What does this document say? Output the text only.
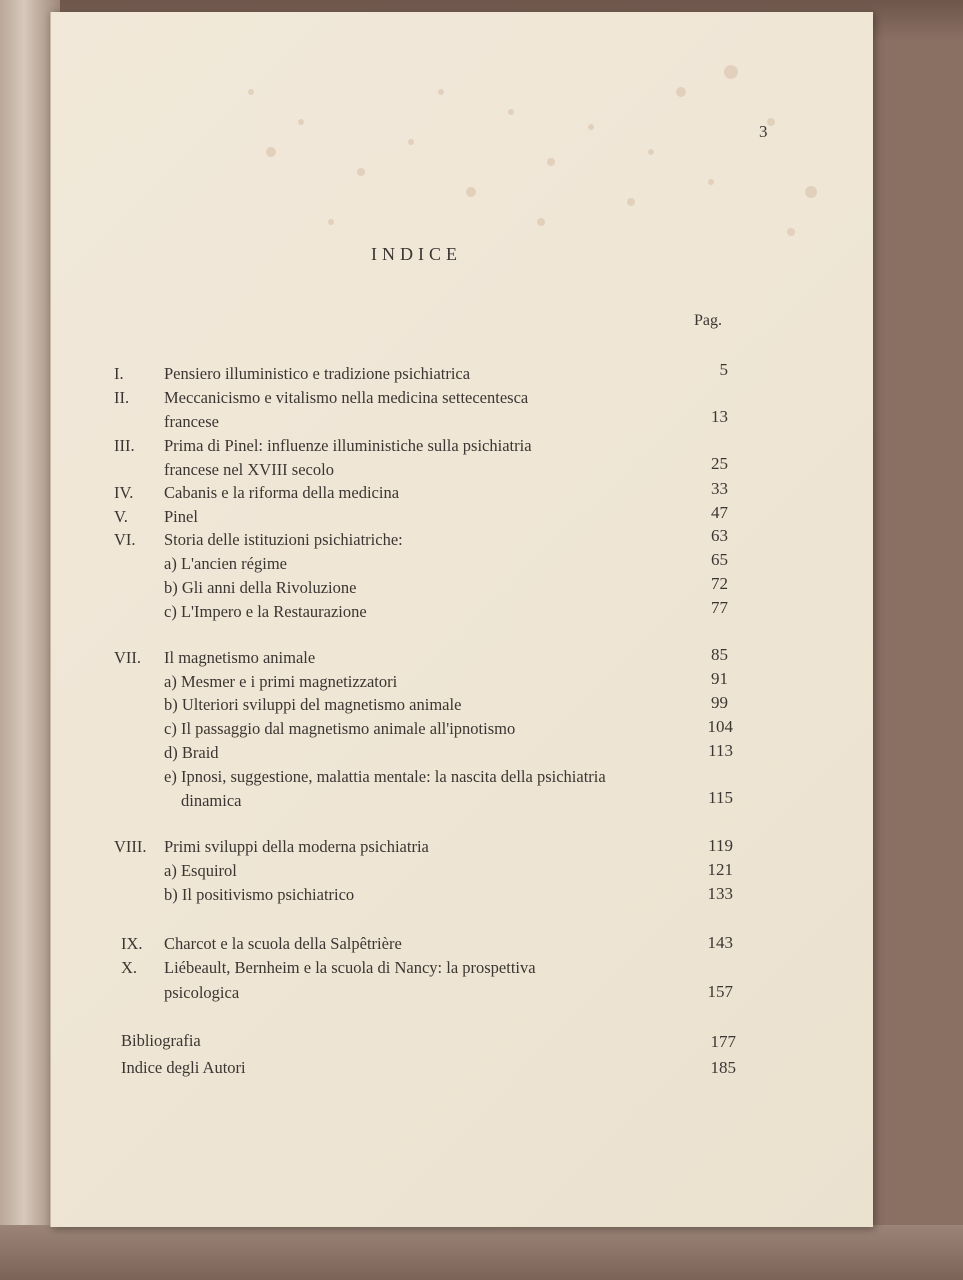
3
INDICE
Pag.
I. Pensiero illuministico e tradizione psichiatrica	5
II. Meccanicismo e vitalismo nella medicina settecentesca
francese	13
III. Prima di Pinel: influenze illuministiche sulla psichiatria
francese nel XVIII secolo	25
IV. Cabanis e la riforma della medicina	33
V. Pinel	47
VI. Storia delle istituzioni psichiatriche:	63
a) L'ancien régime	65
b) Gli anni della Rivoluzione	72
c) L'Impero e la Restaurazione	77
VII. Il magnetismo animale	85
a) Mesmer e i primi magnetizzatori	91
b) Ulteriori sviluppi del magnetismo animale	99
c) Il passaggio dal magnetismo animale all'ipnotismo	104
d) Braid	113
e) Ipnosi, suggestione, malattia mentale: la nascita della psichiatria
dinamica	115
VIII. Primi sviluppi della moderna psichiatria	119
a) Esquirol	121
b) Il positivismo psichiatrico	133
IX. Charcot e la scuola della Salpêtrière	143
X. Liébeault, Bernheim e la scuola di Nancy: la prospettiva
psicologica	157
Bibliografia	177
Indice degli Autori	185
